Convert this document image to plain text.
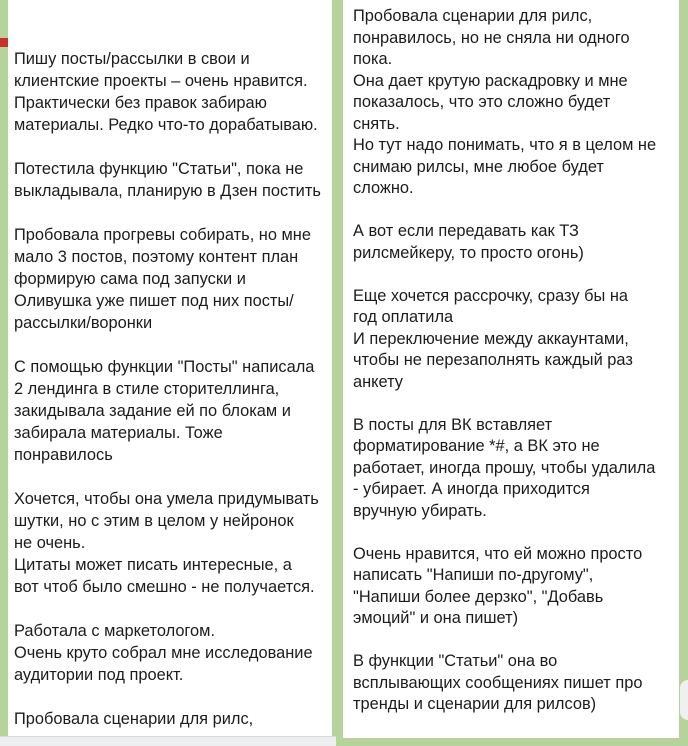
Пишу посты/рассылки в свои и
клиентские проекты – очень нравится.
Практически без правок забираю
материалы. Редко что-то дорабатываю.
Потестила функцию "Статьи", пока не
выкладывала, планирую в Дзен постить
Пробовала прогревы собирать, но мне
мало 3 постов, поэтому контент план
формирую сама под запуски и
Оливушка уже пишет под них посты/
рассылки/воронки
С помощью функции "Посты" написала
2 лендинга в стиле сторителлинга,
закидывала задание ей по блокам и
забирала материалы. Тоже
понравилось
Хочется, чтобы она умела придумывать
шутки, но с этим в целом у нейронок
не очень.
Цитаты может писать интересные, а
вот чтоб было смешно - не получается.
Работала с маркетологом.
Очень круто собрал мне исследование
аудитории под проект.
Пробовала сценарии для рилс,
Пробовала сценарии для рилс,
понравилось, но не сняла ни одного
пока.
Она дает крутую раскадровку и мне
показалось, что это сложно будет
снять.
Но тут надо понимать, что я в целом не
снимаю рилсы, мне любое будет
сложно.
А вот если передавать как ТЗ
рилсмейкеру, то просто огонь)
Еще хочется рассрочку, сразу бы на
год оплатила
И переключение между аккаунтами,
чтобы не перезаполнять каждый раз
анкету
В посты для ВК вставляет
форматирование *#, а ВК это не
работает, иногда прошу, чтобы удалила
- убирает. А иногда приходится
вручную убирать.
Очень нравится, что ей можно просто
написать "Напиши по-другому",
"Напиши более дерзко", "Добавь
эмоций" и она пишет)
В функции "Статьи" она во
всплывающих сообщениях пишет про
тренды и сценарии для рилсов)
